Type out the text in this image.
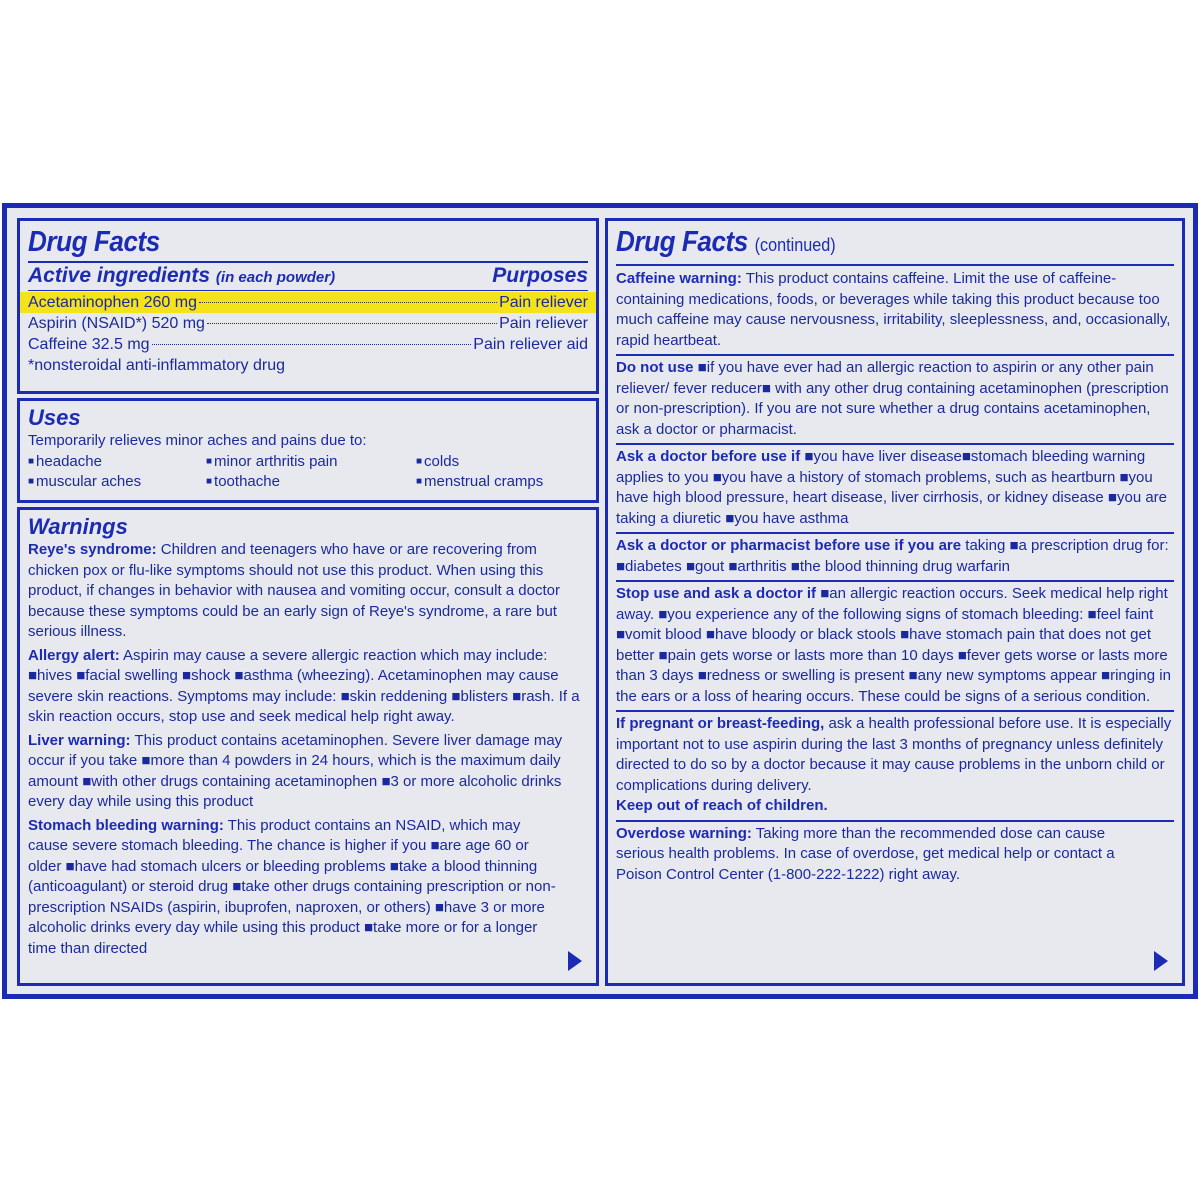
Drug Facts
Active ingredients (in each powder)	Purposes
Acetaminophen 260 mg	Pain reliever
Aspirin (NSAID*) 520 mg	Pain reliever
Caffeine 32.5 mg	Pain reliever aid
*nonsteroidal anti-inflammatory drug
Uses
Temporarily relieves minor aches and pains due to:
■ headache	■ minor arthritis pain	■ colds
■ muscular aches	■ toothache	■ menstrual cramps
Warnings
Reye's syndrome: Children and teenagers who have or are recovering from chicken pox or flu-like symptoms should not use this product. When using this product, if changes in behavior with nausea and vomiting occur, consult a doctor because these symptoms could be an early sign of Reye's syndrome, a rare but serious illness.
Allergy alert: Aspirin may cause a severe allergic reaction which may include: ■hives ■facial swelling ■shock ■asthma (wheezing). Acetaminophen may cause severe skin reactions. Symptoms may include: ■skin reddening ■blisters ■rash. If a skin reaction occurs, stop use and seek medical help right away.
Liver warning: This product contains acetaminophen. Severe liver damage may occur if you take ■more than 4 powders in 24 hours, which is the maximum daily amount ■with other drugs containing acetaminophen ■3 or more alcoholic drinks every day while using this product
Stomach bleeding warning: This product contains an NSAID, which may cause severe stomach bleeding. The chance is higher if you ■are age 60 or older ■have had stomach ulcers or bleeding problems ■take a blood thinning (anticoagulant) or steroid drug ■take other drugs containing prescription or non-prescription NSAIDs (aspirin, ibuprofen, naproxen, or others) ■have 3 or more alcoholic drinks every day while using this product ■take more or for a longer time than directed
Drug Facts (continued)
Caffeine warning: This product contains caffeine. Limit the use of caffeine-containing medications, foods, or beverages while taking this product because too much caffeine may cause nervousness, irritability, sleeplessness, and, occasionally, rapid heartbeat.
Do not use ■if you have ever had an allergic reaction to aspirin or any other pain reliever/ fever reducer■ with any other drug containing acetaminophen (prescription or non-prescription). If you are not sure whether a drug contains acetaminophen, ask a doctor or pharmacist.
Ask a doctor before use if ■you have liver disease■stomach bleeding warning applies to you ■you have a history of stomach problems, such as heartburn ■you have high blood pressure, heart disease, liver cirrhosis, or kidney disease ■you are taking a diuretic ■you have asthma
Ask a doctor or pharmacist before use if you are taking ■a prescription drug for: ■diabetes ■gout ■arthritis ■the blood thinning drug warfarin
Stop use and ask a doctor if ■an allergic reaction occurs. Seek medical help right away. ■you experience any of the following signs of stomach bleeding: ■feel faint ■vomit blood ■have bloody or black stools ■have stomach pain that does not get better ■pain gets worse or lasts more than 10 days ■fever gets worse or lasts more than 3 days ■redness or swelling is present ■any new symptoms appear ■ringing in the ears or a loss of hearing occurs. These could be signs of a serious condition.
If pregnant or breast-feeding, ask a health professional before use. It is especially important not to use aspirin during the last 3 months of pregnancy unless definitely directed to do so by a doctor because it may cause problems in the unborn child or complications during delivery.
Keep out of reach of children.
Overdose warning: Taking more than the recommended dose can cause serious health problems. In case of overdose, get medical help or contact a Poison Control Center (1-800-222-1222) right away.
